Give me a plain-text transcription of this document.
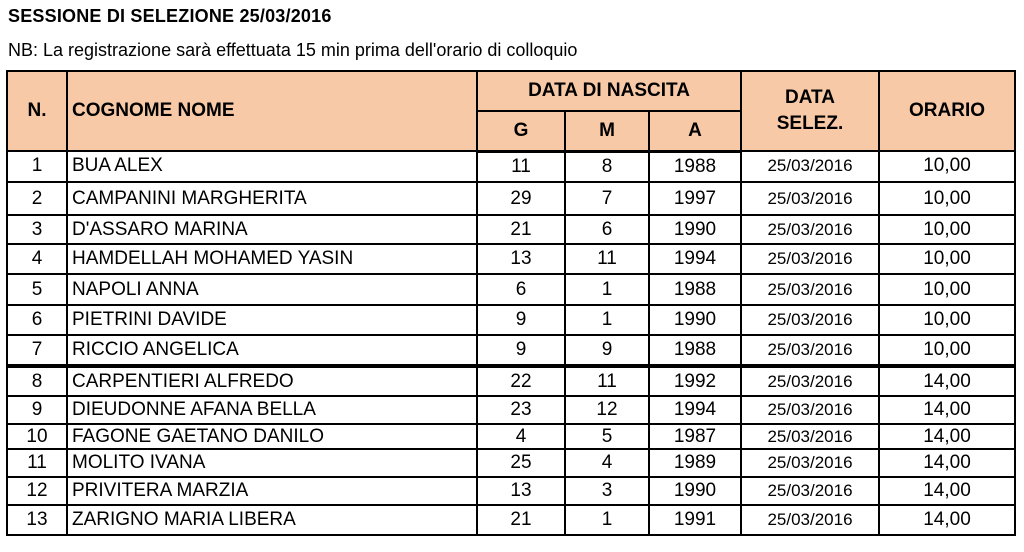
SESSIONE DI SELEZIONE 25/03/2016
NB: La registrazione sarà effettuata 15 min prima dell'orario di colloquio
N.	COGNOME NOME	DATA DI NASCITA			DATA SELEZ.	ORARIO
		G	M	A		
1	BUA ALEX	11	8	1988	25/03/2016	10,00
2	CAMPANINI MARGHERITA	29	7	1997	25/03/2016	10,00
3	D'ASSARO MARINA	21	6	1990	25/03/2016	10,00
4	HAMDELLAH MOHAMED YASIN	13	11	1994	25/03/2016	10,00
5	NAPOLI ANNA	6	1	1988	25/03/2016	10,00
6	PIETRINI DAVIDE	9	1	1990	25/03/2016	10,00
7	RICCIO ANGELICA	9	9	1988	25/03/2016	10,00
8	CARPENTIERI ALFREDO	22	11	1992	25/03/2016	14,00
9	DIEUDONNE AFANA BELLA	23	12	1994	25/03/2016	14,00
10	FAGONE GAETANO DANILO	4	5	1987	25/03/2016	14,00
11	MOLITO IVANA	25	4	1989	25/03/2016	14,00
12	PRIVITERA MARZIA	13	3	1990	25/03/2016	14,00
13	ZARIGNO MARIA LIBERA	21	1	1991	25/03/2016	14,00
